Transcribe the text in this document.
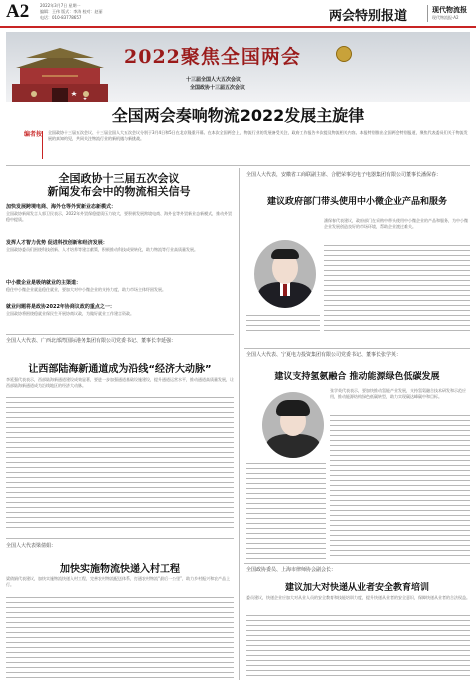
A2	2022年3月7日 星期一
编辑：王伟 版式：李涛 校对：赵丽
电话：010-83778657	两会特别报道	现代物流报
现代物流报·A2
2022聚焦全国两会
十三届全国人大五次会议
全国政协十三届五次会议
全国两会奏响物流2022发展主旋律
编者按 全国政协十三届五次会议、十三届全国人大五次会议分别于3月4日和5日在北京隆重开幕。在本次全国两会上，物流行业的发展备受关注，政府工作报告多次提及物流相关内容。本报特别推出全国两会特别报道，聚焦代表委员们关于物流发展的真知灼见，共同关注物流行业的新机遇与新挑战。
全国政协十三届五次会议
新闻发布会中的物流相关信号
加快发展跨境电商、海外仓等外贸新业态新模式：
全国政协新闻发言人郭卫民表示，2022年外贸保稳提质压力较大，要积极发展跨境电商、海外仓等外贸新业态新模式，推动外贸稳中提质。
发挥人才智力优势 促进科技创新和经济发展：
全国政协委员们围绕科技创新、人才培养等建言献策，积极推动科技成果转化，助力物流等行业高质量发展。
中小微企业是吸纳就业的主渠道：
稳住中小微企业就是稳住就业，要加大对中小微企业的支持力度，助力市场主体纾困发展。
就业问题将是政协2022年协商议政的重点之一：
全国政协将围绕稳就业保民生开展协商议政，为做好就业工作建言资政。
全国人大代表、广西北部湾国际港务集团有限公司党委书记、董事长李延强：
让西部陆海新通道成为沿线“经济大动脉”
李延强代表表示，西部陆海新通道建设成效显著，要进一步加强通道基础设施建设，提升通道运营水平，推动通道高质量发展，让西部陆海新通道成为沿线地区的经济大动脉。
全国人大代表梁倩娟：
加快实施物流快递入村工程
梁倩娟代表建议，加快实施物流快递入村工程，完善农村物流配送体系，打通农村物流“最后一公里”，助力乡村振兴和农产品上行。
全国人大代表，安徽省工商联副主席、合肥荣事达电子电器集团有限公司董事长潘保春：
建议政府部门带头使用中小微企业产品和服务
潘保春代表建议，政府部门在采购中带头使用中小微企业的产品和服务，为中小微企业发展创造良好的市场环境，帮助企业渡过难关。
全国人大代表、宁夏电力投资集团有限公司党委书记、董事长张学英：
建议支持氢氨融合 推动能源绿色低碳发展
张学英代表表示，要加快推动氢能产业发展，支持氢氨融合技术研发和示范应用，推动能源结构绿色低碳转型，助力实现碳达峰碳中和目标。
全国政协委员、上海市律师协会副会长：
建议加大对快递从业者安全教育培训
委员建议，快递企业应加大对从业人员的安全教育和技能培训力度，提升快递从业者的安全意识，保障快递从业者的合法权益。
